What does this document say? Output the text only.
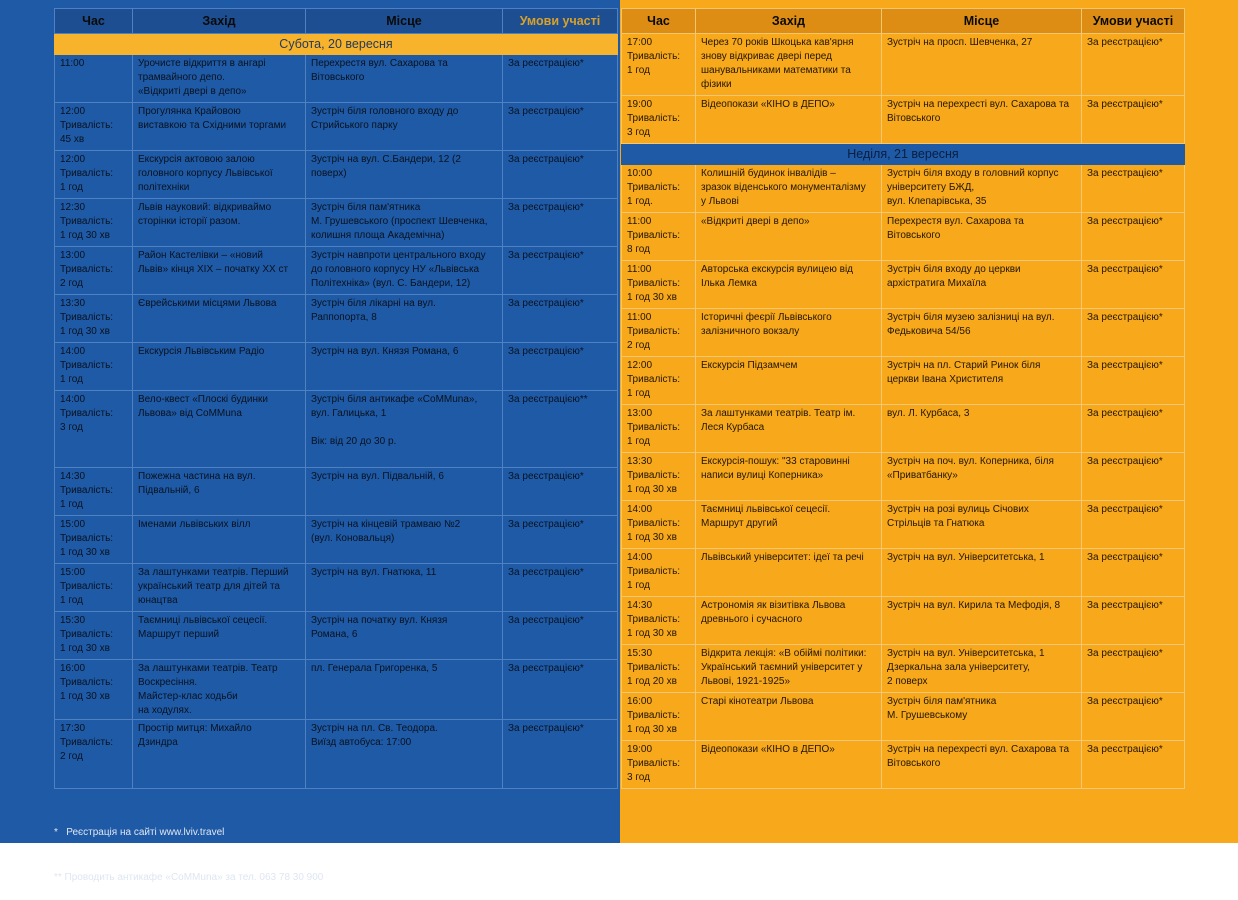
Час	Захід	Місце	Умови участі
Субота, 20 вересня			
11:00	Урочисте відкриття в ангарі
трамвайного депо.
«Відкриті двері в депо»	Перехрестя вул. Сахарова та
Вітовського	За реєстрацією*
12:00
Тривалість:
45 хв	Прогулянка Крайовою
виставкою та Східними торгами	Зустріч біля головного входу до
Стрийського парку	За реєстрацією*
12:00
Тривалість:
1 год	Екскурсія актовою залою
головного корпусу Львівської
політехніки	Зустріч на вул. С.Бандери, 12 (2
поверх)	За реєстрацією*
12:30
Тривалість:
1 год 30 хв	Львів науковий: відкриваймо
сторінки історії разом.	Зустріч біля пам'ятника
М. Грушевського (проспект Шевченка,
колишня площа Академічна)	За реєстрацією*
13:00
Тривалість:
2 год	Район Кастелівки – «новий
Львів» кінця ХІХ – початку ХХ ст	Зустріч навпроти центрального входу
до головного корпусу НУ «Львівська
Політехніка» (вул. С. Бандери, 12)	За реєстрацією*
13:30
Тривалість:
1 год 30 хв	Єврейськими місцями Львова	Зустріч біля лікарні на вул.
Раппопорта, 8	За реєстрацією*
14:00
Тривалість:
1 год	Екскурсія Львівським Радіо	Зустріч на вул. Князя Романа, 6	За реєстрацією*
14:00
Тривалість:
3 год	Вело-квест «Плоскі будинки
Львова» від CoMMuna	Зустріч біля антикафе «CoMMuna»,
вул. Галицька, 1

Вік: від 20 до 30 р.	За реєстрацією**
14:30
Тривалість:
1 год	Пожежна частина на вул.
Підвальній, 6	Зустріч на вул. Підвальній, 6	За реєстрацією*
15:00
Тривалість:
1 год 30 хв	Іменами львівських вілл	Зустріч на кінцевій трамваю №2
(вул. Коновальця)	За реєстрацією*
15:00
Тривалість:
1 год	За лаштунками театрів. Перший
український театр для дітей та
юнацтва	Зустріч на вул. Гнатюка, 11	За реєстрацією*
15:30
Тривалість:
1 год 30 хв	Таємниці львівської сецесії.
Маршрут перший	Зустріч на початку вул. Князя
Романа, 6	За реєстрацією*
16:00
Тривалість:
1 год 30 хв	За лаштунками театрів. Театр
Воскресіння.
Майстер-клас ходьби
на ходулях.	пл. Генерала Григоренка, 5	За реєстрацією*
17:30
Тривалість:
2 год	Простір митця: Михайло
Дзиндра	Зустріч на пл. Св. Теодора.
Виїзд автобуса: 17:00	За реєстрацією*
Час	Захід	Місце	Умови участі
17:00
Тривалість:
1 год	Через 70 років Шкоцька кав'ярня
знову відкриває двері перед
шанувальниками математики та
фізики	Зустріч на просп. Шевченка, 27	За реєстрацією*
19:00
Тривалість:
3 год	Відеопокази «КІНО в ДЕПО»	Зустріч на перехресті вул. Сахарова та
Вітовського	За реєстрацією*
Неділя, 21 вересня			
10:00
Тривалість:
1 год.	Колишній будинок інвалідів –
зразок віденського монументалізму
у Львові	Зустріч біля входу в головний корпус
університету БЖД,
вул. Клепарівська, 35	За реєстрацією*
11:00
Тривалість:
8 год	«Відкриті двері в депо»	Перехрестя вул. Сахарова та
Вітовського	За реєстрацією*
11:00
Тривалість:
1 год 30 хв	Авторська екскурсія вулицею від
Ілька Лемка	Зустріч біля входу до церкви
архістратига Михаїла	За реєстрацією*
11:00
Тривалість:
2 год	Історичні феєрії Львівського
залізничного вокзалу	Зустріч біля музею залізниці на вул.
Федьковича 54/56	За реєстрацією*
12:00
Тривалість:
1 год	Екскурсія Підзамчем	Зустріч на пл. Старий Ринок біля
церкви Івана Христителя	За реєстрацією*
13:00
Тривалість:
1 год	За лаштунками театрів. Театр ім.
Леся Курбаса	вул. Л. Курбаса, 3	За реєстрацією*
13:30
Тривалість:
1 год 30 хв	Екскурсія-пошук: "33 старовинні
написи вулиці Коперника»	Зустріч на поч. вул. Коперника, біля
«Приватбанку»	За реєстрацією*
14:00
Тривалість:
1 год 30 хв	Таємниці львівської сецесії.
Маршрут другий	Зустріч на розі вулиць Січових
Стрільців та Гнатюка	За реєстрацією*
14:00
Тривалість:
1 год	Львівський університет: ідеї та речі	Зустріч на вул. Університетська, 1	За реєстрацією*
14:30
Тривалість:
1 год 30 хв	Астрономія як візитівка Львова
древнього і сучасного	Зустріч на вул. Кирила та Мефодія, 8	За реєстрацією*
15:30
Тривалість:
1 год 20 хв	Відкрита лекція: «В обіймі політики:
Український таємний університет у
Львові, 1921-1925»	Зустріч на вул. Університетська, 1
Дзеркальна зала університету,
2 поверх	За реєстрацією*
16:00
Тривалість:
1 год 30 хв	Старі кінотеатри Львова	Зустріч біля пам'ятника
М. Грушевському	За реєстрацією*
19:00
Тривалість:
3 год	Відеопокази «КІНО в ДЕПО»	Зустріч на перехресті вул. Сахарова та
Вітовського	За реєстрацією*

*   Реєстрація на сайті www.lviv.travel

** Проводить антикафе «CoMMuna» за тел. 063 78 30 900
